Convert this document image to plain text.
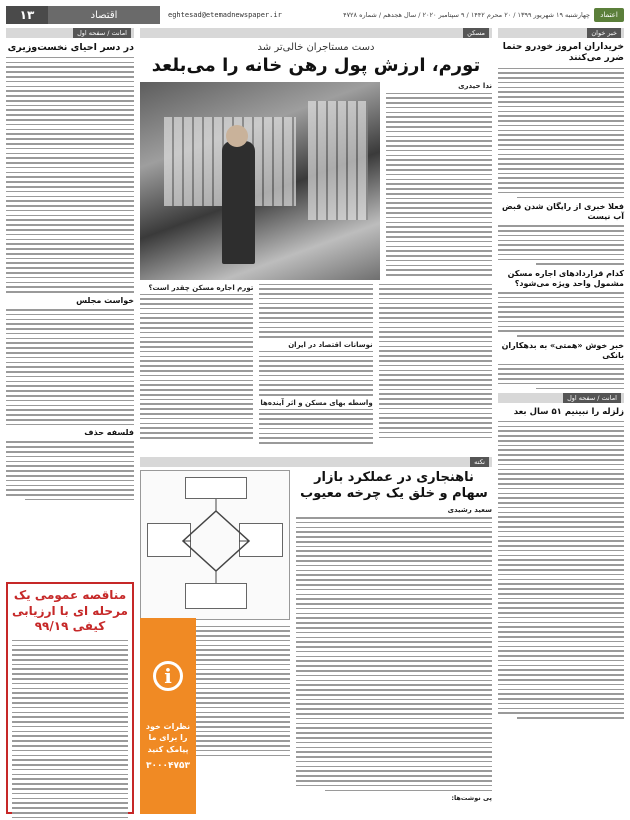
اعتماد
چهارشنبه ۱۹ شهریور ۱۳۹۹ / ۲۰ محرم ۱۴۴۲ / ۹ سپتامبر ۲۰۲۰ / سال هجدهم / شماره ۴۷۲۸
eghtesad@etemadnewspaper.ir
اقتصاد
۱۳
خبر خوان
خریداران امروز خودرو حتما ضرر می‌کنند
فعلا خبری از رایگان شدن قبض آب نیست
کدام قراردادهای اجاره مسکن مشمول واحد ویژه می‌شود؟
خبر خوش «همتی» به بدهکاران بانکی
امانت / سفحه اول
زلزله را نبینیم ۵۱ سال بعد
مسکن
دست مستاجران خالی‌تر شد
تورم، ارزش پول رهن خانه را می‌بلعد
ندا حیدری
نوسانات اقتصاد در ایران
واسطه بهای مسکن و اثر آینده‌ها
تورم اجاره مسکن چقدر است؟
نکته
ناهنجاری در عملکرد بازار سهام و خلق یک چرخه معیوب
سعید رشیدی
پی نوشت‌ها:
امانت / سفحه اول
در دسر احیای نخست‌وزیری
خواست مجلس
فلسفه حذف
مناقصه عمومی یک مرحله ای با ارزیابی کیفی ۹۹/۱۹
i
نظرات خود را برای ما پیامک کنید
۳۰۰۰۴۷۵۳
